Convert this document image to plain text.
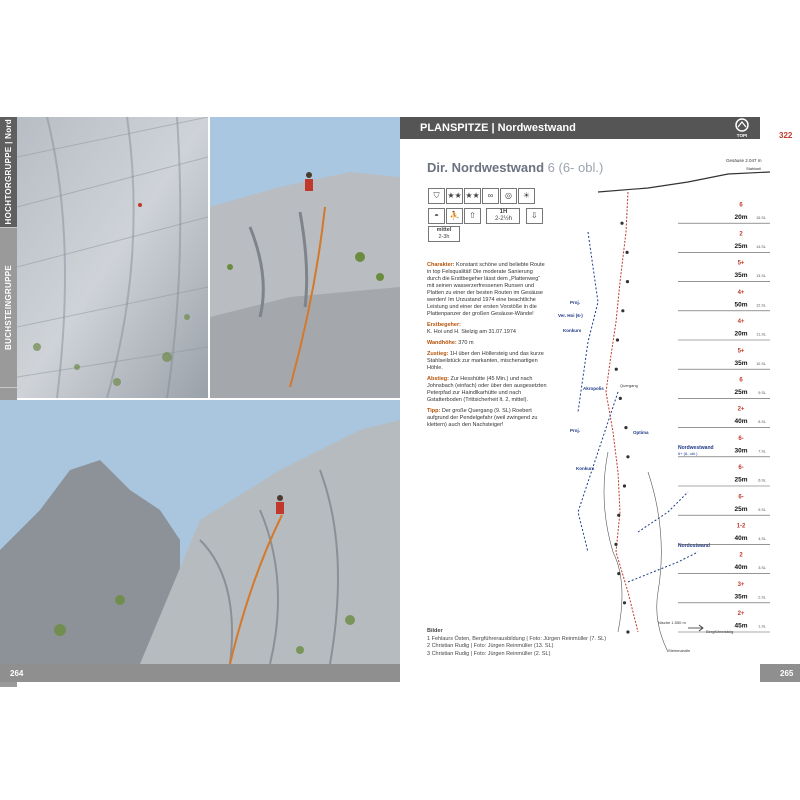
HOCHTORGRUPPE | Nord
BUCHSTEINGRUPPE
264
PLANSPITZE | Nordwestwand
TOPI	322
Dir. Nordwestwand 6 (6- obl.)
⛉ ★★ ★★ ∞ ◎ ☀
◓ ⛹ ⇧	1H
2-2½h ⇩ mittel
2-3h

Charakter: Konstant schöne und beliebte Route in top Felsqualität! Die moderate Sanierung durch die Ersttbegeher lässt dem „Plattenweg“ mit seinen wasserzerfressenen Runsen und Platten zu einer der besten Routen im Gesäuse werden! Im Urzustand 1974 eine beachtliche Leistung und einer der ersten Vorstöße in die Plattenpanzer der großen Gesäuse-Wände!

Erstbegeher:
K. Hoi und H. Stelzig am 31.07.1974

Wandhöhe: 370 m

Zustieg: 1H über den Höllersteig und das kurze Stahlseilstück zur markanten, mischenartigen Höhle.

Abstieg: Zur Hesshütte (45 Min.) und nach Johnsbach (einfach) oder über den ausgesetzten Peterpfad zur Haindlkarhütte und nach Gstatterboden (Trittsicherheit lt. 2, mittel).

Tipp: Der große Quergang (9. SL) Roebert aufgrund der Pendelgefahr (weil zwingend zu klettern) auch den Nachsteiger!

Bilder
1 Fehlaurs Östen, Bergführerausbildung | Foto: Jürgen Reinmüller (7. SL)
2 Christian Rudig | Foto: Jürgen Reinmüller (13. SL)
3 Christian Rudig | Foto: Jürgen Reinmüller (2. SL)
Gesäuse 2.047 m
Stahlseil
Nordwestwand
6+ (6- obl.)
Nordostwand
Konkurs
Konkurs
Akropolis
Optima
Ver. Hoi (6-)
Proj.
Proj.
Quergang
Nische 1.550 m
Bergführersteig
Steinmandln
6
20m 15.SL
2
25m 14.SL
5+
35m 13.SL
4+
50m 12.SL
4+
20m 11.SL
5+
35m 10.SL
6
25m	9.SL
2+
40m	8.SL
6-
30m	7.SL
6-
25m	6.SL
6-
25m	5.SL
1-2
40m	4.SL
2
40m	3.SL
3+
35m	2.SL
2+
45m	1.SL
265
